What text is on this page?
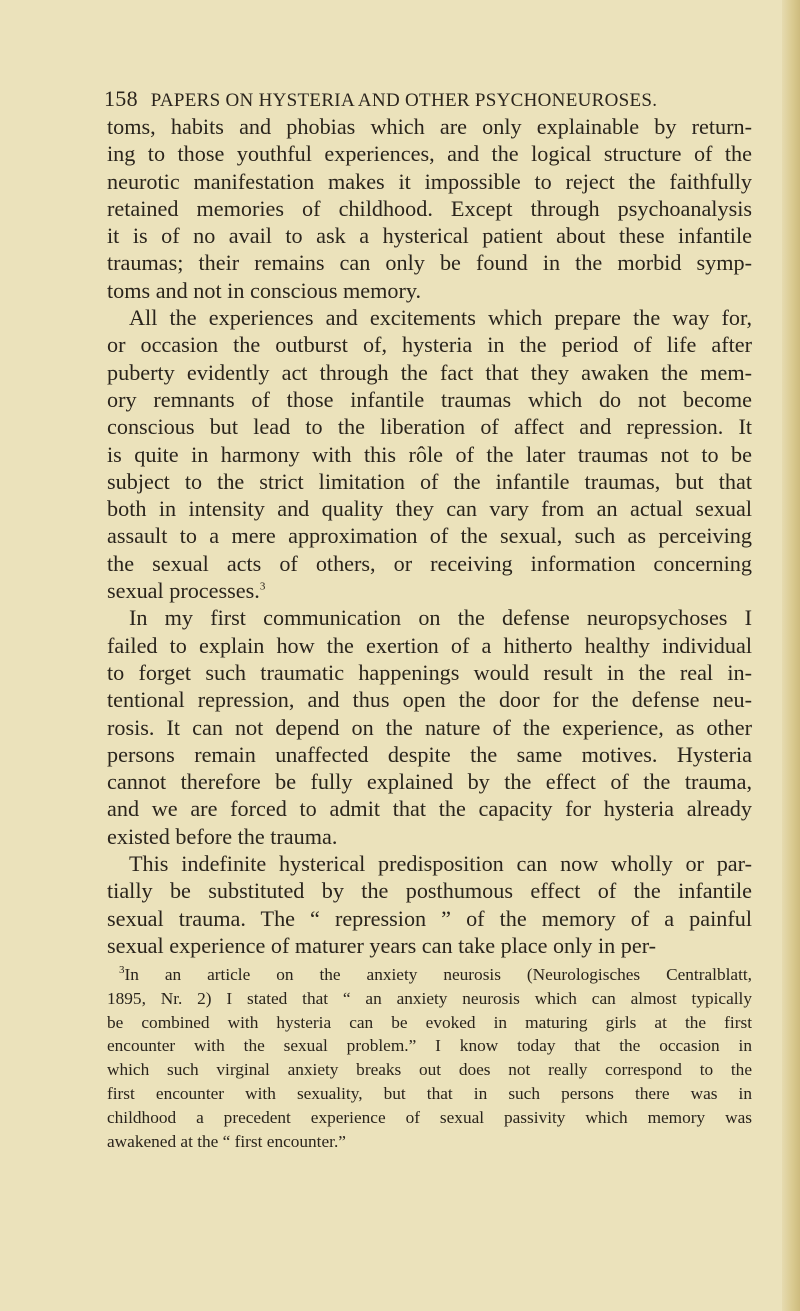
158 PAPERS ON HYSTERIA AND OTHER PSYCHONEUROSES.
toms, habits and phobias which are only explainable by return-
ing to those youthful experiences, and the logical structure of the
neurotic manifestation makes it impossible to reject the faithfully
retained memories of childhood. Except through psychoanalysis
it is of no avail to ask a hysterical patient about these infantile
traumas; their remains can only be found in the morbid symp-
toms and not in conscious memory.
All the experiences and excitements which prepare the way for,
or occasion the outburst of, hysteria in the period of life after
puberty evidently act through the fact that they awaken the mem-
ory remnants of those infantile traumas which do not become
conscious but lead to the liberation of affect and repression. It
is quite in harmony with this rôle of the later traumas not to be
subject to the strict limitation of the infantile traumas, but that
both in intensity and quality they can vary from an actual sexual
assault to a mere approximation of the sexual, such as perceiving
the sexual acts of others, or receiving information concerning
sexual processes.$^3$
In my first communication on the defense neuropsychoses I
failed to explain how the exertion of a hitherto healthy individual
to forget such traumatic happenings would result in the real in-
tentional repression, and thus open the door for the defense neu-
rosis. It can not depend on the nature of the experience, as other
persons remain unaffected despite the same motives. Hysteria
cannot therefore be fully explained by the effect of the trauma,
and we are forced to admit that the capacity for hysteria already
existed before the trauma.
This indefinite hysterical predisposition can now wholly or par-
tially be substituted by the posthumous effect of the infantile
sexual trauma. The “ repression ” of the memory of a painful
sexual experience of maturer years can take place only in per-
$^3$In an article on the anxiety neurosis (Neurologisches Centralblatt,
1895, Nr. 2) I stated that “ an anxiety neurosis which can almost typically
be combined with hysteria can be evoked in maturing girls at the first
encounter with the sexual problem.” I know today that the occasion in
which such virginal anxiety breaks out does not really correspond to the
first encounter with sexuality, but that in such persons there was in
childhood a precedent experience of sexual passivity which memory was
awakened at the “ first encounter.”
